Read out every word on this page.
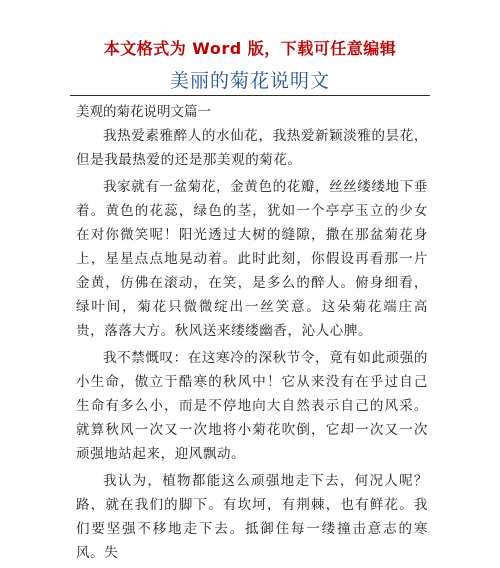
本文格式为 Word 版，下载可任意编辑
美丽的菊花说明文

美观的菊花说明文篇一

我热爱素雅醉人的水仙花，我热爱新颖淡雅的昙花，但是我最热爱的还是那美观的菊花。

我家就有一盆菊花，金黄色的花瓣，丝丝缕缕地下垂着。黄色的花蕊，绿色的茎，犹如一个亭亭玉立的少女在对你微笑呢！阳光透过大树的缝隙，撒在那盆菊花身上，星星点点地晃动着。此时此刻，你假设再看那一片金黄，仿佛在滚动，在笑，是多么的醉人。俯身细看，绿叶间，菊花只微微绽出一丝笑意。这朵菊花端庄高贵，落落大方。秋风送来缕缕幽香，沁人心脾。

我不禁慨叹：在这寒冷的深秋节令，竟有如此顽强的小生命，傲立于酷寒的秋风中！它从来没有在乎过自己生命有多么小，而是不停地向大自然表示自己的风采。就算秋风一次又一次地将小菊花吹倒，它却一次又一次顽强地站起来，迎风飘动。

我认为，植物都能这么顽强地走下去，何况人呢？路，就在我们的脚下。有坎坷，有荆棘，也有鲜花。我们要坚强不移地走下去。抵御住每一缕撞击意志的寒风。失
